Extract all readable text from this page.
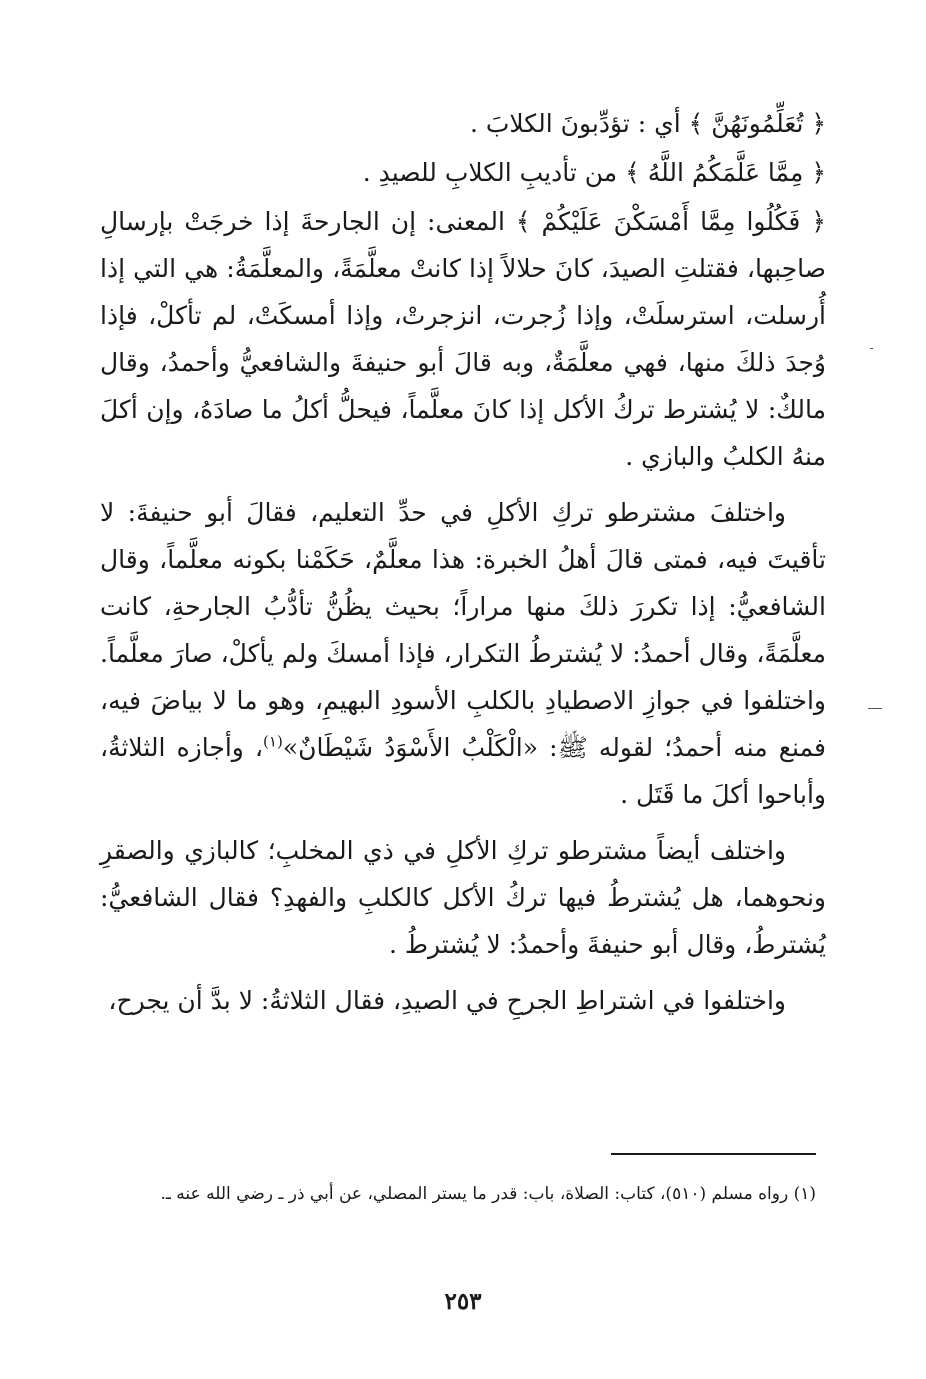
﴿ تُعَلِّمُونَهُنَّ ﴾ أي : تؤدِّبونَ الكلابَ .

﴿ مِمَّا عَلَّمَكُمُ اللَّهُ ﴾ من تأديبِ الكلابِ للصيدِ .

﴿ فَكُلُوا مِمَّا أَمْسَكْنَ عَلَيْكُمْ ﴾ المعنى: إن الجارحةَ إذا خرجَتْ بإرسالِ صاحِبها، فقتلتِ الصيدَ، كانَ حلالاً إذا كانتْ معلَّمَةً، والمعلَّمَةُ: هي التي إذا أُرسلت، استرسلَتْ، وإذا زُجرت، انزجرتْ، وإذا أمسكَتْ، لم تأكلْ، فإذا وُجدَ ذلكَ منها، فهي معلَّمَةٌ، وبه قالَ أبو حنيفةَ والشافعيُّ وأحمدُ، وقال مالكٌ: لا يُشترط تركُ الأكل إذا كانَ معلَّماً، فيحلُّ أكلُ ما صادَهُ، وإن أكلَ منهُ الكلبُ والبازي .

واختلفَ مشترطو تركِ الأكلِ في حدِّ التعليم، فقالَ أبو حنيفةَ: لا تأقيتَ فيه، فمتى قالَ أهلُ الخبرة: هذا معلَّمٌ، حَكَمْنا بكونه معلَّماً، وقال الشافعيُّ: إذا تكررَ ذلكَ منها مراراً؛ بحيث يظُنُّ تأدُّبُ الجارحةِ، كانت معلَّمَةً، وقال أحمدُ: لا يُشترطُ التكرار، فإذا أمسكَ ولم يأكلْ، صارَ معلَّماً. واختلفوا في جوازِ الاصطيادِ بالكلبِ الأسودِ البهيمِ، وهو ما لا بياضَ فيه، فمنع منه أحمدُ؛ لقوله ﷺ: «الْكَلْبُ الأَسْوَدُ شَيْطَانٌ»$^{(١)}$، وأجازه الثلاثةُ، وأباحوا أكلَ ما قَتَل .

واختلف أيضاً مشترطو تركِ الأكلِ في ذي المخلبِ؛ كالبازي والصقرِ ونحوهما، هل يُشترطُ فيها تركُ الأكل كالكلبِ والفهدِ؟ فقال الشافعيُّ: يُشترطُ، وقال أبو حنيفةَ وأحمدُ: لا يُشترطُ .

واختلفوا في اشتراطِ الجرحِ في الصيدِ، فقال الثلاثةُ: لا بدَّ أن يجرح،

(١) رواه مسلم (٥١٠)، كتاب: الصلاة، باب: قدر ما يستر المصلي، عن أبي ذر ـ رضي الله عنه ـ.

٢٥٣
